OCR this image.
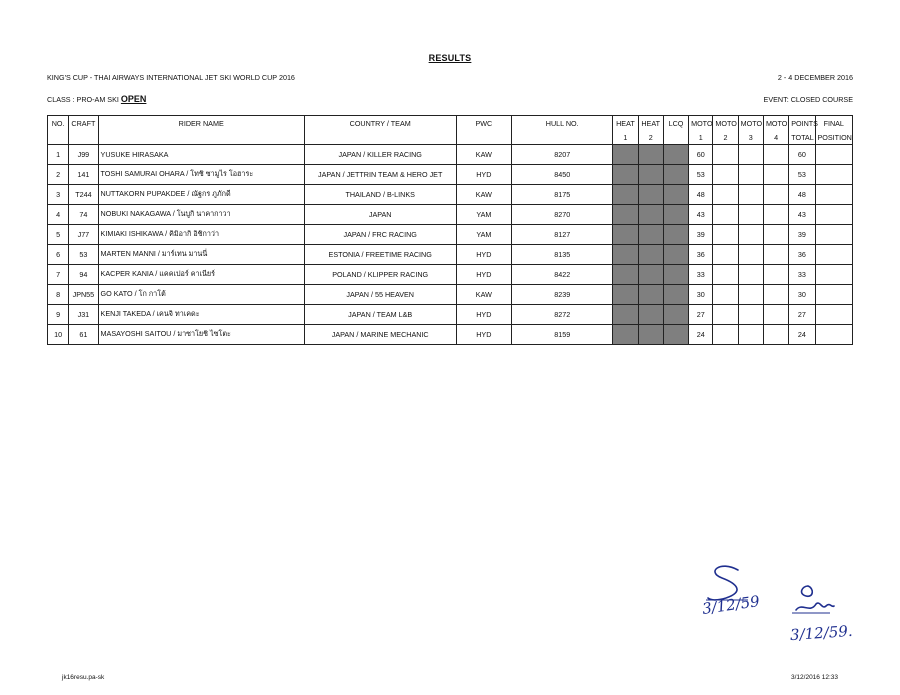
RESULTS
KING'S CUP - THAI AIRWAYS INTERNATIONAL JET SKI WORLD CUP 2016	2 - 4 DECEMBER 2016
CLASS : PRO-AM SKI OPEN	EVENT: CLOSED COURSE
NO.	CRAFT	RIDER NAME	COUNTRY / TEAM	PWC	HULL NO.	HEAT	HEAT	LCQ	MOTO	MOTO	MOTO	MOTO	POINTS	FINAL
						1	2		1	2	3	4	TOTAL	POSITION
1	J99	YUSUKE HIRASAKA	JAPAN / KILLER RACING	KAW	8207				60				60	
2	141	TOSHI SAMURAI OHARA / โทชิ ซามูไร โอฮาระ	JAPAN / JETTRIN TEAM & HERO JET	HYD	8450				53				53	
3	T244	NUTTAKORN PUPAKDEE / ณัฐกร ภูภักดี	THAILAND / B-LINKS	KAW	8175				48				48	
4	74	NOBUKI NAKAGAWA / โนบูกิ นาคากาวา	JAPAN	YAM	8270				43				43	
5	J77	KIMIAKI ISHIKAWA / คิมิอากิ อิชิกาว่า	JAPAN / FRC RACING	YAM	8127				39				39	
6	53	MARTEN MANNI / มาร์เทน มานนี่	ESTONIA / FREETIME RACING	HYD	8135				36				36	
7	94	KACPER KANIA / แคคเปอร์ คาเนียร์	POLAND / KLIPPER RACING	HYD	8422				33				33	
8	JPN55	GO KATO / โก กาโต้	JAPAN / 55 HEAVEN	KAW	8239				30				30	
9	J31	KENJI TAKEDA / เคนจิ ทาเคดะ	JAPAN / TEAM L&B	HYD	8272				27				27	
10	61	MASAYOSHI SAITOU / มาซาโยชิ ไซโตะ	JAPAN / MARINE MECHANIC	HYD	8159				24				24	
3/12/59
3/12/59.
jk16resu.pa-sk	3/12/2016 12:33
